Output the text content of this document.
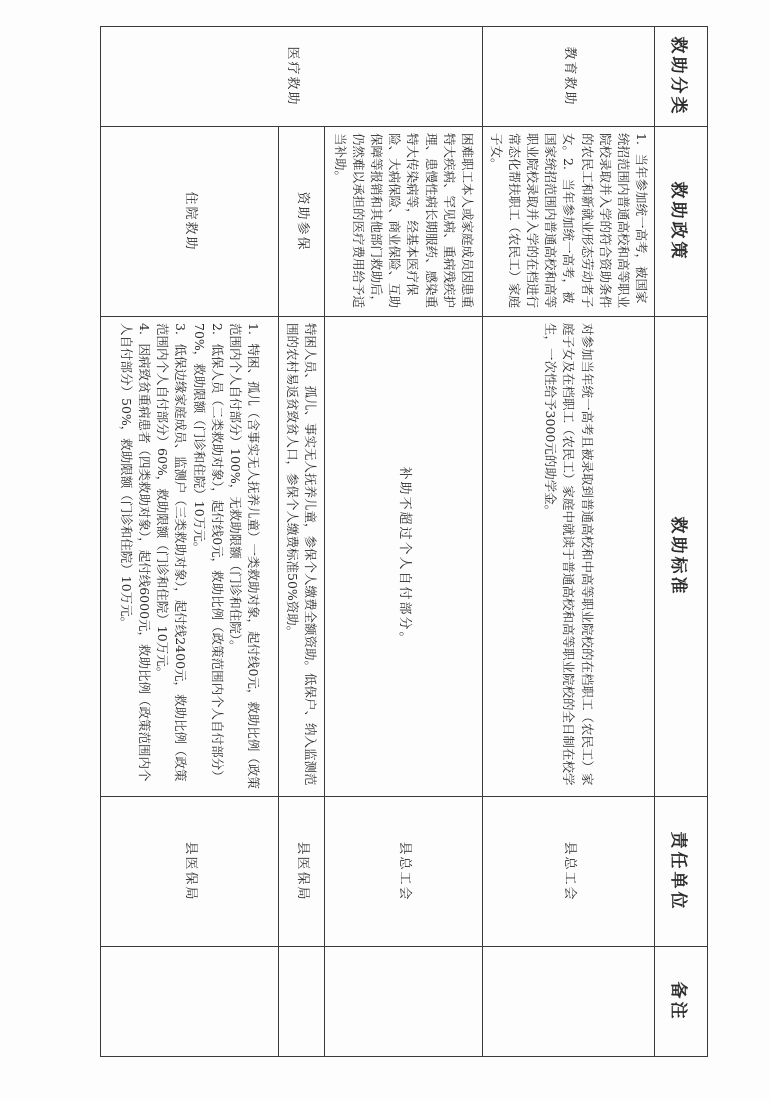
救助分类	救助政策	救助标准	责任单位	备注
教育救助	1．当年参加统一高考，被国家统招范围内普通高校和高等职业院校录取并入学的符合资助条件的农民工和新就业形态劳动者子女。2．当年参加统一高考，被国家统招范围内普通高校和高等职业院校录取并入学的在档进行常态化帮扶职工（农民工）家庭子女。	对参加当年统一高考且被录取到普通高校和中高等职业院校的在档职工（农民工）家庭子女及在档职工（农民工）家庭中就读于普通高校和高等职业院校的全日制在校学生，一次性给予3000元的助学金。	县总工会	
医疗救助	困难职工本人或家庭成员因患重特大疾病、罕见病、重病残疾护理、患慢性病长期服药、感染重特大传染病等，经基本医疗保险、大病保险、商业保险、互助保障等报销和其他部门救助后，仍然难以承担的医疗费用给予适当补助。	补助不超过个人自付部分。	县总工会	
	资助参保	特困人员、孤儿、事实无人抚养儿童，参保个人缴费全额资助。低保户、纳入监测范围的农村易返贫致贫人口，参保个人缴费标准50%资助。	县医保局	
	住院救助	1．特困、孤儿（含事实无人抚养儿童）一类救助对象，起付线0元，救助比例（政策范围内个人自付部分）100%，无救助限额（门诊和住院）。
2．低保人员（二类救助对象），起付线0元，救助比例（政策范围内个人自付部分）70%，救助限额（门诊和住院）10万元。
3．低保边缘家庭成员、监测户（三类救助对象），起付线2400元，救助比例（政策范围内个人自付部分）60%，救助限额（门诊和住院）10万元。
4．因病致贫重病患者（四类救助对象），起付线6000元，救助比例（政策范围内个人自付部分）50%，救助限额（门诊和住院）10万元。	县医保局	
